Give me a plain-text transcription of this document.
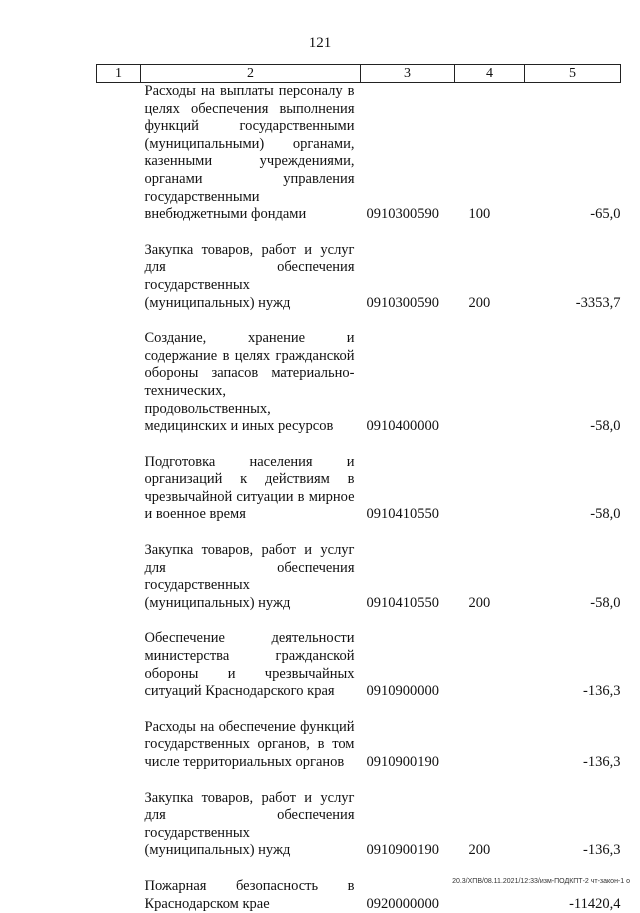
121
1	2	3	4	5
	Расходы на выплаты персоналу в целях обеспечения выполнения функций государственными (муниципальными) органами, казенными учреждениями, органами управления государственными внебюджетными фондами	0910300590	100	-65,0

	Закупка товаров, работ и услуг для обеспечения государственных (муниципальных) нужд	0910300590	200	-3353,7

	Создание, хранение и содержание в целях гражданской обороны запасов материально-технических, продовольственных, медицинских и иных ресурсов	0910400000		-58,0

	Подготовка населения и организаций к действиям в чрезвычайной ситуации в мирное и военное время	0910410550		-58,0

	Закупка товаров, работ и услуг для обеспечения государственных (муниципальных) нужд	0910410550	200	-58,0

	Обеспечение деятельности министерства гражданской обороны и чрезвычайных ситуаций Краснодарского края	0910900000		-136,3

	Расходы на обеспечение функций государственных органов, в том числе территориальных органов	0910900190		-136,3

	Закупка товаров, работ и услуг для обеспечения государственных (муниципальных) нужд	0910900190	200	-136,3

	Пожарная безопасность в Краснодарском крае	0920000000		-11420,4
20.3/ХПВ/08.11.2021/12:33/изм-ПОДКПТ-2 чт-закон-1 о
